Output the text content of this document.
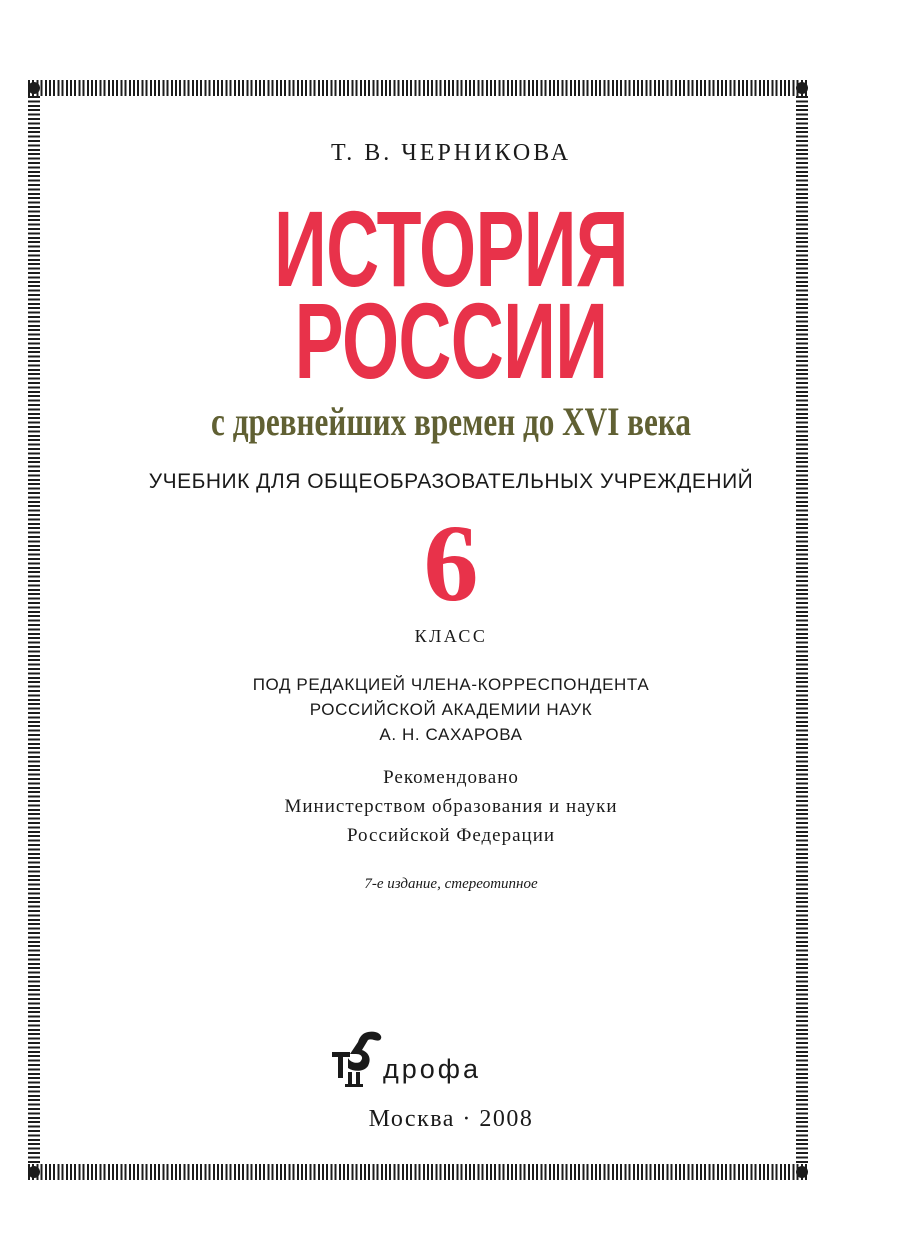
Т. В. ЧЕРНИКОВА
ИСТОРИЯ
РОССИИ
с древнейших времен до XVI века
УЧЕБНИК ДЛЯ ОБЩЕОБРАЗОВАТЕЛЬНЫХ УЧРЕЖДЕНИЙ
6
КЛАСС
ПОД РЕДАКЦИЕЙ ЧЛЕНА-КОРРЕСПОНДЕНТА
РОССИЙСКОЙ АКАДЕМИИ НАУК
А. Н. САХАРОВА
Рекомендовано
Министерством образования и науки
Российской Федерации
7-е издание, стереотипное
дрофа
Москва · 2008
